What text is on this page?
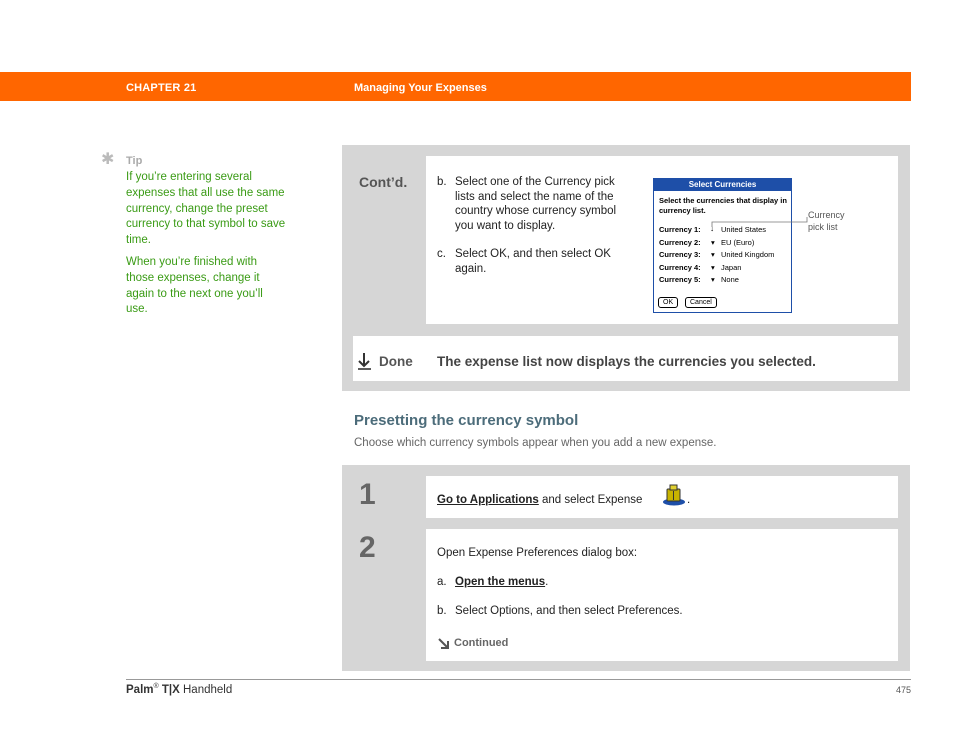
CHAPTER 21	Managing Your Expenses
✱ Tip

If you’re entering several expenses that all use the same currency, change the preset currency to that symbol to save time.

When you’re finished with those expenses, change it again to the next one you’ll use.

Cont’d.	b. Select one of the Currency pick lists and select the name of the country whose currency symbol you want to display.
c. Select OK, and then select OK again.
Select Currencies
Select the currencies that display in currency list.
Currency 1: ↓ United States
Currency 2: ▾ EU (Euro)
Currency 3: ▾ United Kingdom
Currency 4: ▾ Japan
Currency 5: ▾ None
OK	Cancel
Currency
pick list
Done The expense list now displays the currencies you selected.
Presetting the currency symbol
Choose which currency symbols appear when you add a new expense.
1	Go to Applications and select Expense	.
2	Open Expense Preferences dialog box:
a. Open the menus.
b. Select Options, and then select Preferences.
Continued
Palm® T|X Handheld	475
